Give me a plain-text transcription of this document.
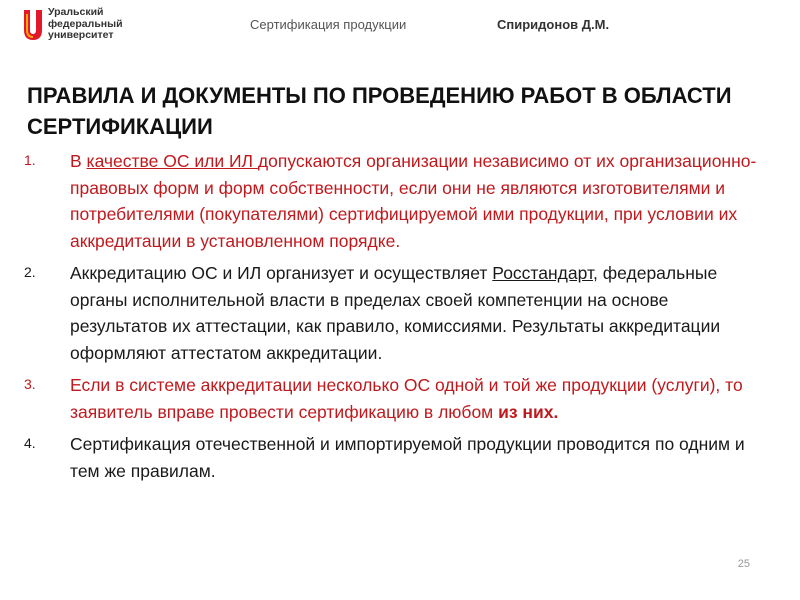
Уральский
федеральный
университет
Сертификация продукции	Спиридонов Д.М.
ПРАВИЛА И ДОКУМЕНТЫ ПО ПРОВЕДЕНИЮ РАБОТ В ОБЛАСТИ СЕРТИФИКАЦИИ
1. В качестве ОС или ИЛ допускаются организации независимо от их организационно-правовых форм и форм собственности, если они не являются изготовителями и потребителями (покупателями) сертифицируемой ими продукции, при условии их аккредитации в установленном порядке.
2. Аккредитацию ОС и ИЛ организует и осуществляет Росстандарт, федеральные органы исполнительной власти в пределах своей компетенции на основе результатов их аттестации, как правило, комиссиями. Результаты аккредитации оформляют аттестатом аккредитации.
3. Если в системе аккредитации несколько ОС одной и той же продукции (услуги), то заявитель вправе провести сертификацию в любом из них.
4. Сертификация отечественной и импортируемой продукции проводится по одним и тем же правилам.
25
